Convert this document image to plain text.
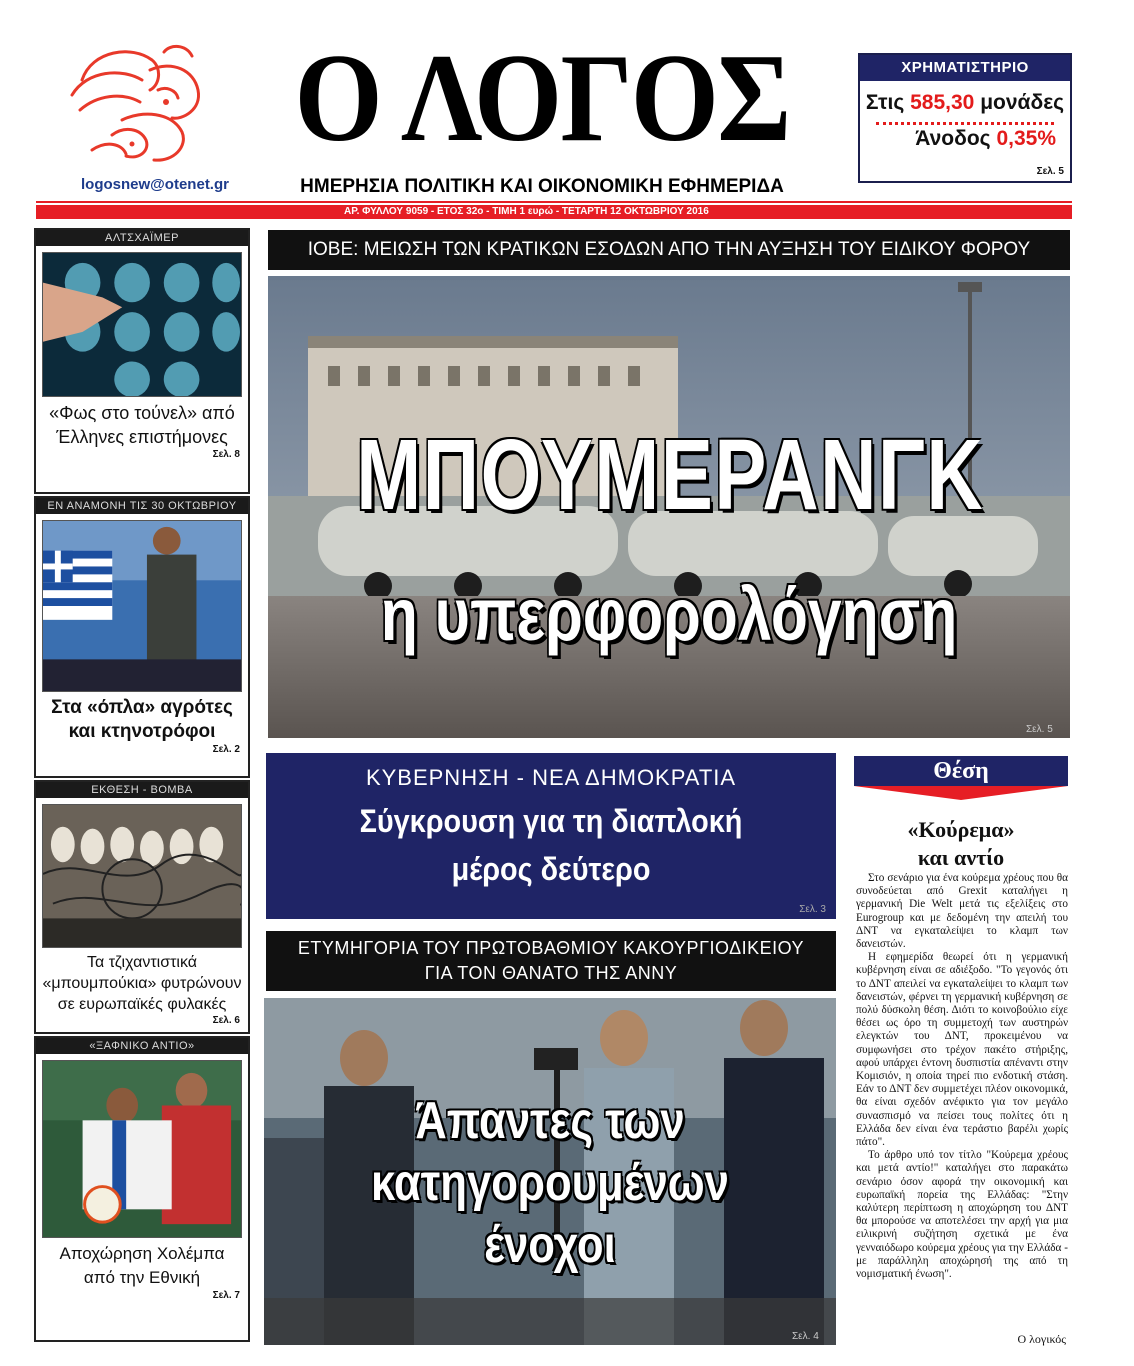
logosnew@otenet.gr
Ο ΛΟΓΟΣ
ΗΜΕΡΗΣΙΑ ΠΟΛΙΤΙΚΗ ΚΑΙ ΟΙΚΟΝΟΜΙΚΗ ΕΦΗΜΕΡΙΔΑ
ΧΡΗΜΑΤΙΣΤΗΡΙΟ
Στις 585,30 μονάδες
Άνοδος 0,35%
Σελ. 5
ΑΡ. ΦΥΛΛΟΥ 9059 - ΕΤΟΣ 32ο - ΤΙΜΗ 1 ευρώ - ΤΕΤΑΡΤΗ 12 ΟΚΤΩΒΡΙΟΥ 2016
ΑΛΤΣΧΑΪΜΕΡ
«Φως στο τούνελ» από Έλληνες επιστήμονες
Σελ. 8
ΕΝ ΑΝΑΜΟΝΗ ΤΙΣ 30 ΟΚΤΩΒΡΙΟΥ
Στα «όπλα» αγρότες και κτηνοτρόφοι
Σελ. 2
ΕΚΘΕΣΗ - ΒΟΜΒΑ
Τα τζιχαντιστικά «μπουμπούκια» φυτρώνουν σε ευρωπαϊκές φυλακές
Σελ. 6
«ΞΑΦΝΙΚΟ ΑΝΤΙΟ»
Αποχώρηση Χολέμπα από την Εθνική
Σελ. 7
ΙΟΒΕ: ΜΕΙΩΣΗ ΤΩΝ ΚΡΑΤΙΚΩΝ ΕΣΟΔΩΝ ΑΠΟ ΤΗΝ ΑΥΞΗΣΗ ΤΟΥ ΕΙΔΙΚΟΥ ΦΟΡΟΥ
ΜΠΟΥΜΕΡΑΝΓΚ
η υπερφορολόγηση
Σελ. 5
ΚΥΒΕΡΝΗΣΗ - ΝΕΑ ΔΗΜΟΚΡΑΤΙΑ
Σύγκρουση για τη διαπλοκή
μέρος δεύτερο
Σελ. 3
ΕΤΥΜΗΓΟΡΙΑ ΤΟΥ ΠΡΩΤΟΒΑΘΜΙΟΥ ΚΑΚΟΥΡΓΙΟΔΙΚΕΙΟΥ
ΓΙΑ ΤΟΝ ΘΑΝΑΤΟ ΤΗΣ ΑΝΝΥ
Άπαντες των
κατηγορουμένων ένοχοι
Σελ. 4
Θέση
«Κούρεμα»
και αντίο

Στο σενάριο για ένα κούρεμα χρέους που θα συνοδεύεται από Grexit καταλήγει η γερμανική Die Welt μετά τις εξελίξεις στο Eurogroup και με δεδομένη την απειλή του ΔΝΤ να εγκαταλείψει το κλαμπ των δανειστών.

Η εφημερίδα θεωρεί ότι η γερμανική κυβέρνηση είναι σε αδιέξοδο. "Το γεγονός ότι το ΔΝΤ απειλεί να εγκαταλείψει το κλαμπ των δανειστών, φέρνει τη γερμανική κυβέρνηση σε πολύ δύσκολη θέση. Διότι το κοινοβούλιο είχε θέσει ως όρο τη συμμετοχή των αυστηρών ελεγκτών του ΔΝΤ, προκειμένου να συμφωνήσει στο τρέχον πακέτο στήριξης, αφού υπάρχει έντονη δυσπιστία απέναντι στην Κομισιόν, η οποία τηρεί πιο ενδοτική στάση. Εάν το ΔΝΤ δεν συμμετέχει πλέον οικονομικά, θα είναι σχεδόν ανέφικτο για τον μεγάλο συνασπισμό να πείσει τους πολίτες ότι η Ελλάδα δεν είναι ένα τεράστιο βαρέλι χωρίς πάτο".

Το άρθρο υπό τον τίτλο "Κούρεμα χρέους και μετά αντίο!" καταλήγει στο παρακάτω σενάριο όσον αφορά την οικονομική και ευρωπαϊκή πορεία της Ελλάδας: "Στην καλύτερη περίπτωση η αποχώρηση του ΔΝΤ θα μπορούσε να αποτελέσει την αρχή για μια ειλικρινή συζήτηση σχετικά με ένα γενναιόδωρο κούρεμα χρέους για την Ελλάδα - με παράλληλη αποχώρησή της από τη νομισματική ένωση".

Ο λογικός
